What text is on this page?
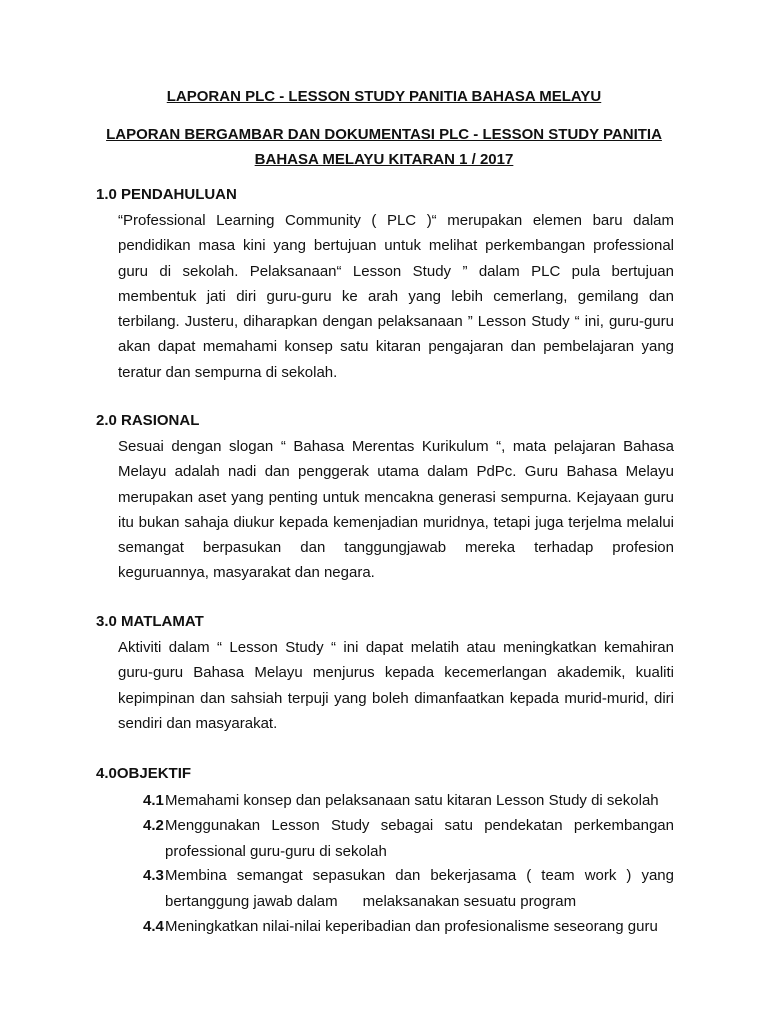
LAPORAN PLC - LESSON STUDY PANITIA BAHASA MELAYU
LAPORAN BERGAMBAR DAN DOKUMENTASI PLC - LESSON STUDY PANITIA
BAHASA MELAYU KITARAN 1 / 2017
1.0 PENDAHULUAN

“Professional Learning Community ( PLC )“ merupakan elemen baru dalam pendidikan masa kini yang bertujuan untuk melihat perkembangan professional guru di sekolah. Pelaksanaan“ Lesson Study ” dalam PLC pula bertujuan membentuk jati diri guru-guru ke arah yang lebih cemerlang, gemilang dan terbilang. Justeru, diharapkan dengan pelaksanaan ” Lesson Study “ ini, guru-guru akan dapat memahami konsep satu kitaran pengajaran dan pembelajaran yang teratur dan sempurna di sekolah.

2.0 RASIONAL

Sesuai dengan slogan “ Bahasa Merentas Kurikulum “, mata pelajaran Bahasa Melayu adalah nadi dan penggerak utama dalam PdPc. Guru Bahasa Melayu merupakan aset yang penting untuk mencakna generasi sempurna. Kejayaan guru itu bukan sahaja diukur kepada kemenjadian muridnya, tetapi juga terjelma melalui semangat berpasukan dan tanggungjawab mereka terhadap profesion keguruannya, masyarakat dan negara.

3.0 MATLAMAT

Aktiviti dalam “ Lesson Study “ ini dapat melatih atau meningkatkan kemahiran guru-guru Bahasa Melayu menjurus kepada kecemerlangan akademik, kualiti kepimpinan dan sahsiah terpuji yang boleh dimanfaatkan kepada murid-murid, diri sendiri dan masyarakat.

4.0OBJEKTIF
4.1 Memahami konsep dan pelaksanaan satu kitaran Lesson Study di sekolah
4.2 Menggunakan Lesson Study sebagai satu pendekatan perkembangan professional guru-guru di sekolah
4.3 Membina semangat sepasukan dan bekerjasama ( team work ) yang bertanggung jawab dalam      melaksanakan sesuatu program
4.4 Meningkatkan nilai-nilai keperibadian dan profesionalisme seseorang guru
